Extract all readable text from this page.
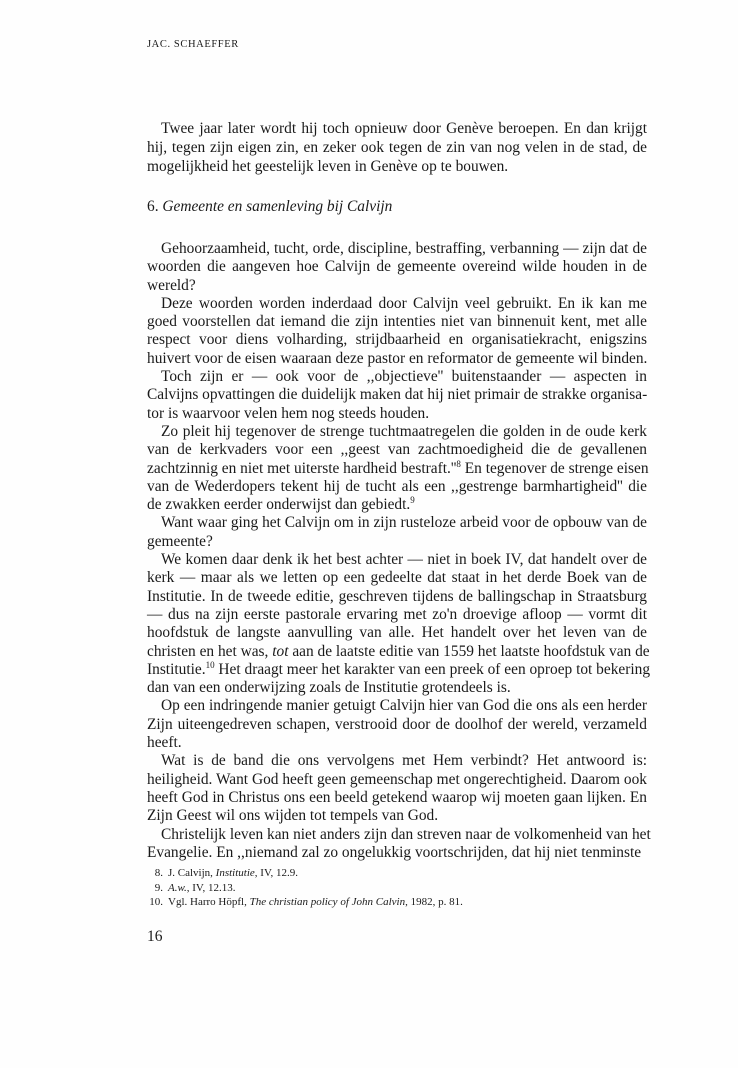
JAC. SCHAEFFER
Twee jaar later wordt hij toch opnieuw door Genève beroepen. En dan krijgt
hij, tegen zijn eigen zin, en zeker ook tegen de zin van nog velen in de stad, de
mogelijkheid het geestelijk leven in Genève op te bouwen.
6. Gemeente en samenleving bij Calvijn
Gehoorzaamheid, tucht, orde, discipline, bestraffing, verbanning — zijn dat de
woorden die aangeven hoe Calvijn de gemeente overeind wilde houden in de
wereld?
Deze woorden worden inderdaad door Calvijn veel gebruikt. En ik kan me
goed voorstellen dat iemand die zijn intenties niet van binnenuit kent, met alle
respect voor diens volharding, strijdbaarheid en organisatiekracht, enigszins
huivert voor de eisen waaraan deze pastor en reformator de gemeente wil binden.
Toch zijn er — ook voor de ,,objectieve'' buitenstaander — aspecten in
Calvijns opvattingen die duidelijk maken dat hij niet primair de strakke organisa-
tor is waarvoor velen hem nog steeds houden.
Zo pleit hij tegenover de strenge tuchtmaatregelen die golden in de oude kerk
van de kerkvaders voor een ,,geest van zachtmoedigheid die de gevallenen
zachtzinnig en niet met uiterste hardheid $bestraft.''^8$ En tegenover de strenge eisen
van de Wederdopers tekent hij de tucht als een ,,gestrenge barmhartigheid'' die
de zwakken eerder onderwijst dan gebiedt.$^9$
Want waar ging het Calvijn om in zijn rusteloze arbeid voor de opbouw van de
gemeente?
We komen daar denk ik het best achter — niet in boek IV, dat handelt over de
kerk — maar als we letten op een gedeelte dat staat in het derde Boek van de
Institutie. In de tweede editie, geschreven tijdens de ballingschap in Straatsburg
— dus na zijn eerste pastorale ervaring met zo'n droevige afloop — vormt dit
hoofdstuk de langste aanvulling van alle. Het handelt over het leven van de
christen en het was, tot aan de laatste editie van 1559 het laatste hoofdstuk van de
Institutie.$^{10}$ Het draagt meer het karakter van een preek of een oproep tot bekering
dan van een onderwijzing zoals de Institutie grotendeels is.
Op een indringende manier getuigt Calvijn hier van God die ons als een herder
Zijn uiteengedreven schapen, verstrooid door de doolhof der wereld, verzameld
heeft.
Wat is de band die ons vervolgens met Hem verbindt? Het antwoord is:
heiligheid. Want God heeft geen gemeenschap met ongerechtigheid. Daarom ook
heeft God in Christus ons een beeld getekend waarop wij moeten gaan lijken. En
Zijn Geest wil ons wijden tot tempels van God.
Christelijk leven kan niet anders zijn dan streven naar de volkomenheid van het
Evangelie. En ,,niemand zal zo ongelukkig voortschrijden, dat hij niet tenminste
8. J. Calvijn, Institutie, IV, 12.9.
9. A.w., IV, 12.13.
10. Vgl. Harro Höpfl, The christian policy of John Calvin, 1982, p. 81.
16
